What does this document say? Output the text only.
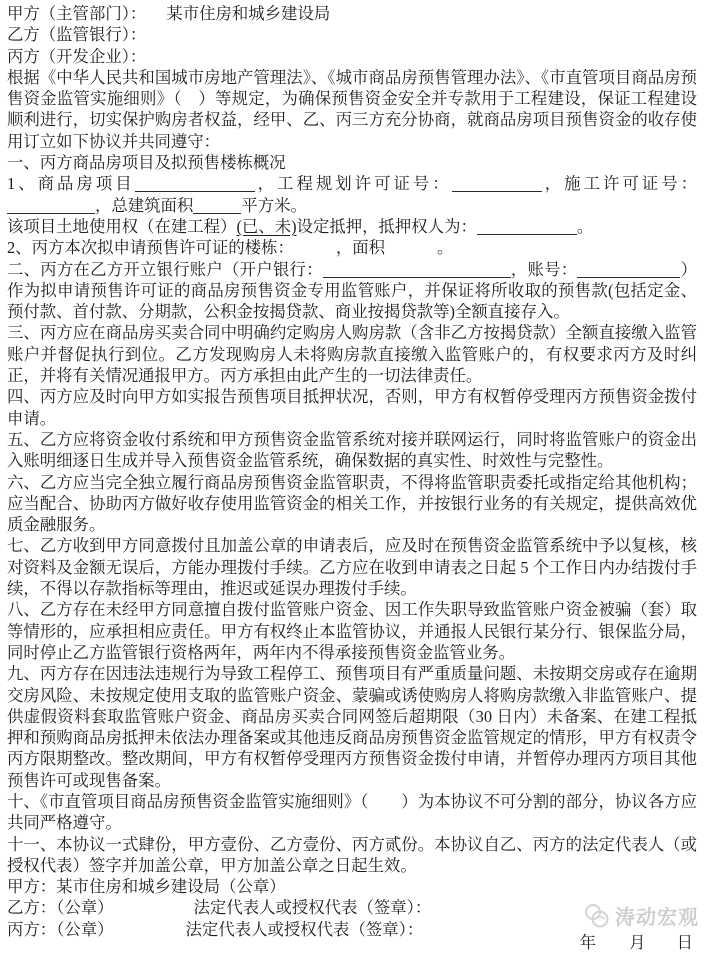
甲方（主管部门）： 某市住房和城乡建设局

乙方（监管银行）：

丙方（开发企业）：

根据《中华人民共和国城市房地产管理法》、《城市商品房预售管理办法》、《市直管项目商品房预售资金监管实施细则》（　）等规定，为确保预售资金安全并专款用于工程建设，保证工程建设顺利进行，切实保护购房者权益，经甲、乙、丙三方充分协商，就商品房项目预售资金的收存使用订立如下协议并共同遵守：

一、丙方商品房项目及拟预售楼栋概况

1、商品房项目	，工程规划许可证号：	，施工许可证号：，总建筑面积	平方米。

该项目土地使用权（在建工程）(已、未)设定抵押，抵押权人为：	。

2、丙方本次拟申请预售许可证的楼栋：	，面积	。

二、丙方在乙方开立银行账户（开户银行：	，账号：	）作为拟申请预售许可证的商品房预售资金专用监管账户，并保证将所收取的预售款(包括定金、预付款、首付款、分期款，公积金按揭贷款、商业按揭贷款等)全额直接存入。

三、丙方应在商品房买卖合同中明确约定购房人购房款（含非乙方按揭贷款）全额直接缴入监管账户并督促执行到位。乙方发现购房人未将购房款直接缴入监管账户的，有权要求丙方及时纠正，并将有关情况通报甲方。丙方承担由此产生的一切法律责任。

四、丙方应及时向甲方如实报告预售项目抵押状况，否则，甲方有权暂停受理丙方预售资金拨付申请。

五、乙方应将资金收付系统和甲方预售资金监管系统对接并联网运行，同时将监管账户的资金出入账明细逐日生成并导入预售资金监管系统，确保数据的真实性、时效性与完整性。

六、乙方应当完全独立履行商品房预售资金监管职责，不得将监管职责委托或指定给其他机构；应当配合、协助丙方做好收存使用监管资金的相关工作，并按银行业务的有关规定，提供高效优质金融服务。

七、乙方收到甲方同意拨付且加盖公章的申请表后，应及时在预售资金监管系统中予以复核，核对资料及金额无误后，方能办理拨付手续。乙方应在收到申请表之日起 5 个工作日内办结拨付手续，不得以存款指标等理由，推迟或延误办理拨付手续。

八、乙方存在未经甲方同意擅自拨付监管账户资金、因工作失职导致监管账户资金被骗（套）取等情形的，应承担相应责任。甲方有权终止本监管协议，并通报人民银行某分行、银保监分局，同时停止乙方监管银行资格两年，两年内不得承接预售资金监管业务。

九、丙方存在因违法违规行为导致工程停工、预售项目有严重质量问题、未按期交房或存在逾期交房风险、未按规定使用支取的监管账户资金、蒙骗或诱使购房人将购房款缴入非监管账户、提供虚假资料套取监管账户资金、商品房买卖合同网签后超期限（30 日内）未备案、在建工程抵押和预购商品房抵押未依法办理备案或其他违反商品房预售资金监管规定的情形，甲方有权责令丙方限期整改。整改期间，甲方有权暂停受理丙方预售资金拨付申请，并暂停办理丙方项目其他预售许可或现售备案。

十、《市直管项目商品房预售资金监管实施细则》（　　）为本协议不可分割的部分，协议各方应共同严格遵守。

十一、本协议一式肆份，甲方壹份、乙方壹份、丙方贰份。本协议自乙、丙方的法定代表人（或授权代表）签字并加盖公章，甲方加盖公章之日起生效。

甲方：某市住房和城乡建设局（公章）

乙方：（公章）	法定代表人或授权代表（签章）：

丙方：（公章）	法定代表人或授权代表（签章）：

涛动宏观
年 月 日
